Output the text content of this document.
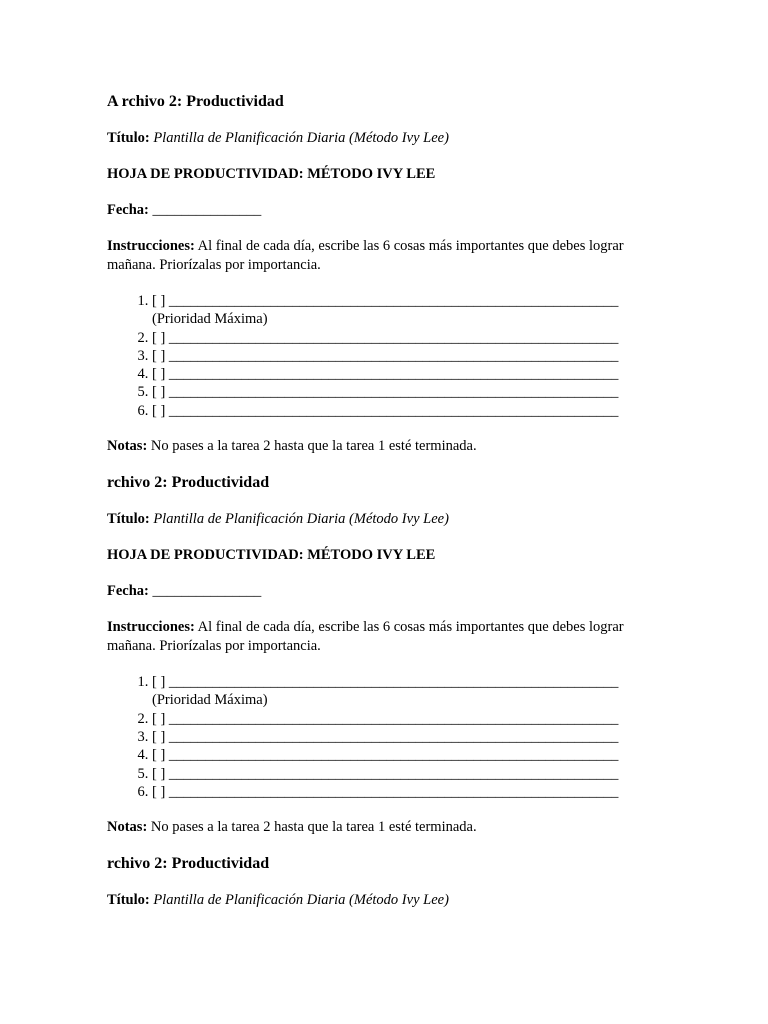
A rchivo 2: Productividad

Título: Plantilla de Planificación Diaria (Método Ivy Lee)

HOJA DE PRODUCTIVIDAD: MÉTODO IVY LEE

Fecha: _______________

Instrucciones: Al final de cada día, escribe las 6 cosas más importantes que debes lograr mañana. Priorízalas por importancia.

1. [ ] ______________________________________________________________ (Prioridad Máxima)
2. [ ] ______________________________________________________________
3. [ ] ______________________________________________________________
4. [ ] ______________________________________________________________
5. [ ] ______________________________________________________________
6. [ ] ______________________________________________________________

Notas: No pases a la tarea 2 hasta que la tarea 1 esté terminada.

rchivo 2: Productividad

Título: Plantilla de Planificación Diaria (Método Ivy Lee)

HOJA DE PRODUCTIVIDAD: MÉTODO IVY LEE

Fecha: _______________

Instrucciones: Al final de cada día, escribe las 6 cosas más importantes que debes lograr mañana. Priorízalas por importancia.

1. [ ] ______________________________________________________________ (Prioridad Máxima)
2. [ ] ______________________________________________________________
3. [ ] ______________________________________________________________
4. [ ] ______________________________________________________________
5. [ ] ______________________________________________________________
6. [ ] ______________________________________________________________

Notas: No pases a la tarea 2 hasta que la tarea 1 esté terminada.

rchivo 2: Productividad

Título: Plantilla de Planificación Diaria (Método Ivy Lee)
